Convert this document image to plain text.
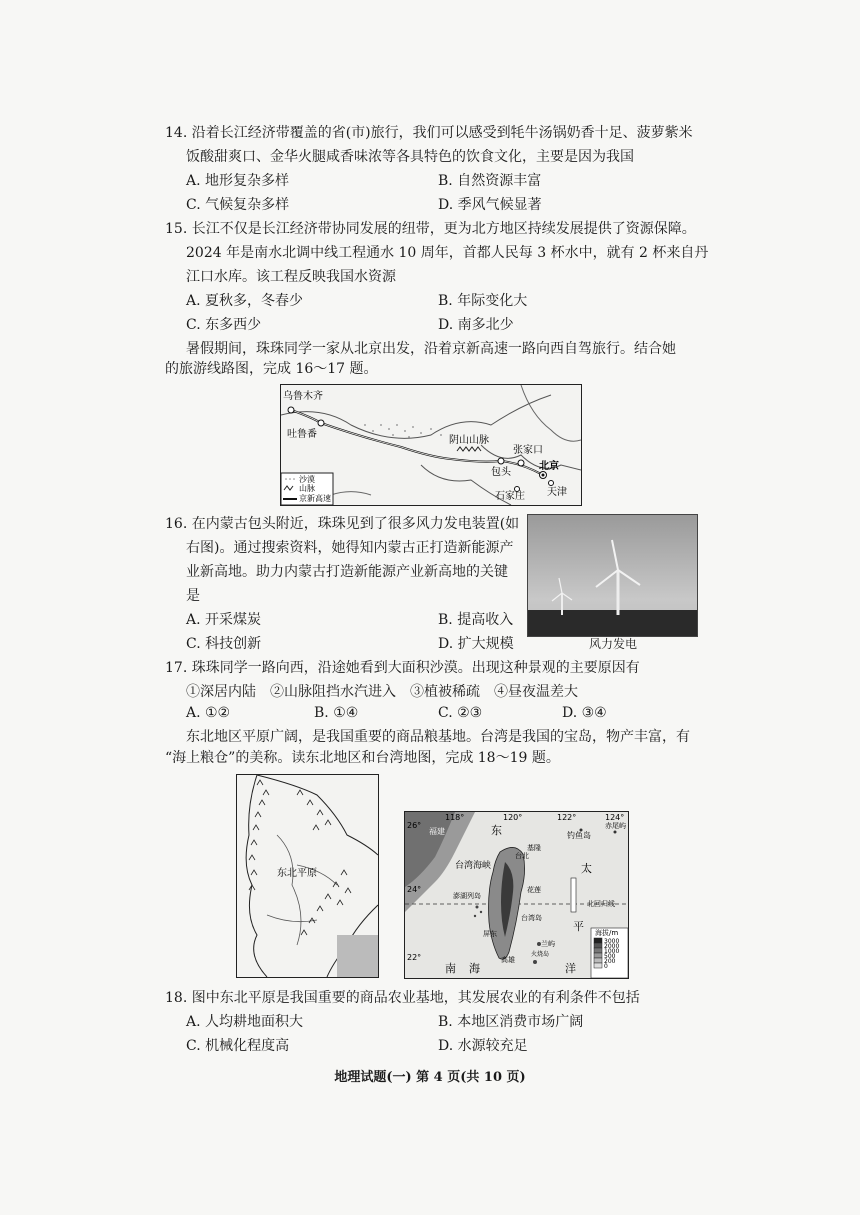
14. 沿着长江经济带覆盖的省(市)旅行，我们可以感受到牦牛汤锅奶香十足、菠萝紫米
饭酸甜爽口、金华火腿咸香味浓等各具特色的饮食文化，主要是因为我国
A. 地形复杂多样	B. 自然资源丰富
C. 气候复杂多样	D. 季风气候显著
15. 长江不仅是长江经济带协同发展的纽带，更为北方地区持续发展提供了资源保障。
2024 年是南水北调中线工程通水 10 周年，首都人民每 3 杯水中，就有 2 杯来自丹
江口水库。该工程反映我国水资源
A. 夏秋多，冬春少	B. 年际变化大
C. 东多西少	D. 南多北少
暑假期间，珠珠同学一家从北京出发，沿着京新高速一路向西自驾旅行。结合她
的旅游线路图，完成 16～17 题。
乌鲁木齐
吐鲁番
阴山山脉
张家口
包头
北京
石家庄 天津
沙漠
山脉
京新高速
16. 在内蒙古包头附近，珠珠见到了很多风力发电装置(如
右图)。通过搜索资料，她得知内蒙古正打造新能源产
业新高地。助力内蒙古打造新能源产业新高地的关键
是
A. 开采煤炭	B. 提高收入
C. 科技创新	D. 扩大规模	风力发电
17. 珠珠同学一路向西，沿途她看到大面积沙漠。出现这种景观的主要原因有
①深居内陆　②山脉阻挡水汽进入　③植被稀疏　④昼夜温差大
A. ①②	B. ①④	C. ②③	D. ③④
东北地区平原广阔，是我国重要的商品粮基地。台湾是我国的宝岛，物产丰富，有
“海上粮仓”的美称。读东北地区和台湾地图，完成 18～19 题。
东北平原
118°	120°	122°	124°
26°
24°
22°
福建	东	钓鱼岛
赤尾屿
台北
基隆
台湾海峡
澎湖列岛
花莲
台湾岛
北回归线
屏东
兰屿
火烧岛
高雄
南 海	洋
平
太
海拔/m
3000
2000
1000
500
200
0
18. 图中东北平原是我国重要的商品农业基地，其发展农业的有利条件不包括
A. 人均耕地面积大	B. 本地区消费市场广阔
C. 机械化程度高	D. 水源较充足
地理试题(一) 第 4 页(共 10 页)
